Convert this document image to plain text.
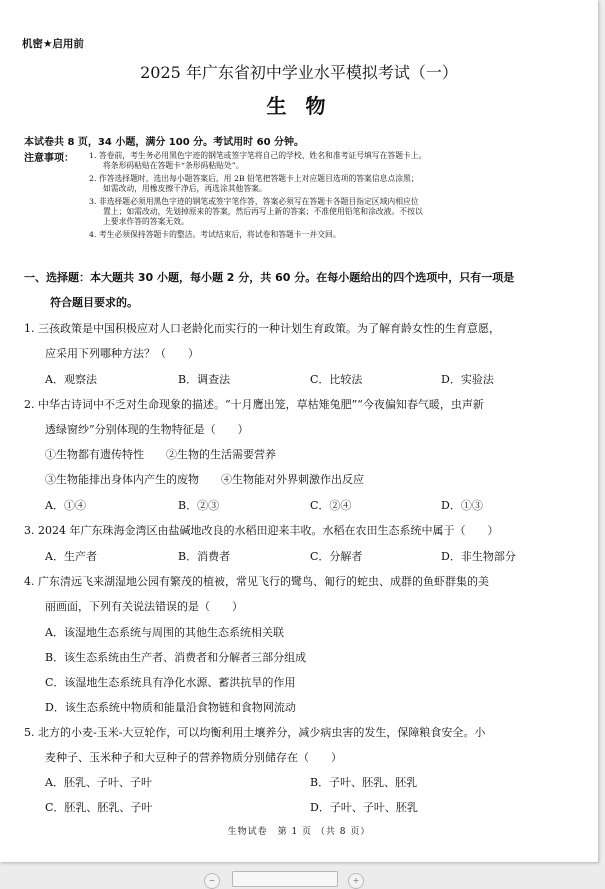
机密★启用前
2025 年广东省初中学业水平模拟考试（一）
生 物
本试卷共 8 页，34 小题，满分 100 分。考试用时 60 分钟。
注意事项： 1. 答卷前，考生务必用黑色字迹的钢笔或签字笔将自己的学校、姓名和准考证号填写在答题卡上。
将条形码粘贴在答题卡“条形码粘贴处”。
2. 作答选择题时，选出每小题答案后，用 2B 铅笔把答题卡上对应题目选项的答案信息点涂黑；
如需改动，用橡皮擦干净后，再选涂其他答案。
3. 非选择题必须用黑色字迹的钢笔或签字笔作答，答案必须写在答题卡各题目指定区域内相应位
置上；如需改动，先划掉原来的答案，然后再写上新的答案；不准使用铅笔和涂改液。不按以
上要求作答的答案无效。
4. 考生必须保持答题卡的整洁。考试结束后，将试卷和答题卡一并交回。
一、选择题：本大题共 30 小题，每小题 2 分，共 60 分。在每小题给出的四个选项中，只有一项是
符合题目要求的。
1. 三孩政策是中国积极应对人口老龄化而实行的一种计划生育政策。为了解育龄女性的生育意愿，
应采用下列哪种方法？（　　）
A．观察法	B．调查法	C．比较法	D．实验法
2. 中华古诗词中不乏对生命现象的描述。“十月鹰出笼，草枯雉兔肥”“今夜偏知春气暖，虫声新
透绿窗纱”分别体现的生物特征是（　　）
①生物都有遗传特性　　②生物的生活需要营养
③生物能排出身体内产生的废物　　④生物能对外界刺激作出反应
A．①④	B．②③	C．②④	D．①③
3. 2024 年广东珠海金湾区由盐碱地改良的水稻田迎来丰收。水稻在农田生态系统中属于（　　）
A．生产者	B．消费者	C．分解者	D．非生物部分
4. 广东清远飞来湖湿地公园有繁茂的植被，常见飞行的鹭鸟、匍行的蛇虫、成群的鱼虾群集的美
丽画面，下列有关说法错误的是（　　）
A．该湿地生态系统与周围的其他生态系统相关联
B．该生态系统由生产者、消费者和分解者三部分组成
C．该湿地生态系统具有净化水源、蓄洪抗旱的作用
D．该生态系统中物质和能量沿食物链和食物网流动
5. 北方的小麦-玉米-大豆轮作，可以均衡利用土壤养分，减少病虫害的发生，保障粮食安全。小
麦种子、玉米种子和大豆种子的营养物质分别储存在（　　）
A．胚乳、子叶、子叶	B．子叶、胚乳、胚乳
C．胚乳、胚乳、子叶	D．子叶、子叶、胚乳
生物试卷　第 1 页 （共 8 页）
−	+
